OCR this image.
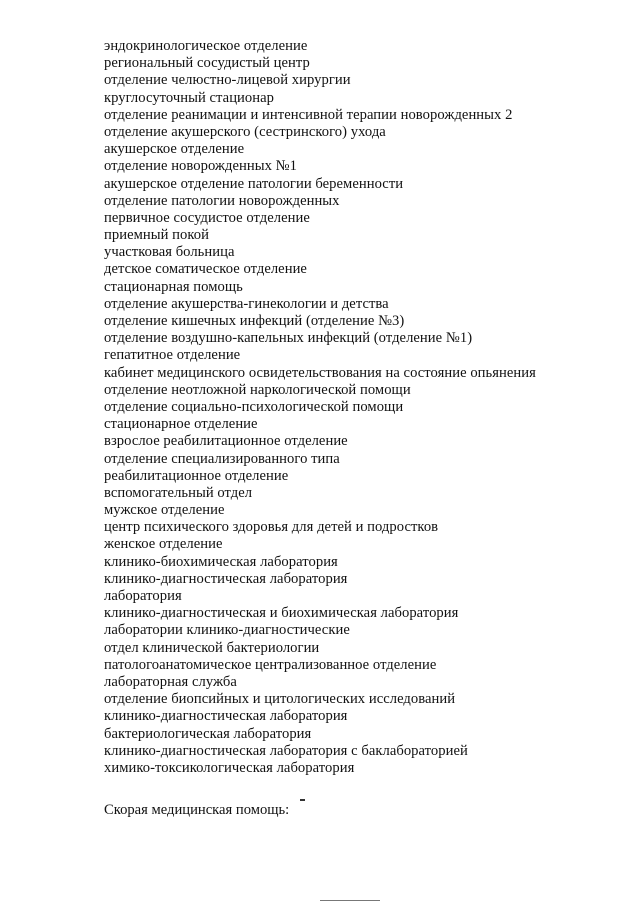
эндокринологическое отделение
региональный сосудистый центр
отделение челюстно-лицевой хирургии
круглосуточный стационар
отделение реанимации и интенсивной терапии новорожденных 2
отделение акушерского (сестринского) ухода
акушерское отделение
отделение новорожденных №1
акушерское отделение патологии беременности
отделение патологии новорожденных
первичное сосудистое отделение
приемный покой
участковая больница
детское соматическое отделение
стационарная помощь
отделение акушерства-гинекологии и детства
отделение кишечных инфекций (отделение №3)
отделение воздушно-капельных инфекций (отделение №1)
гепатитное отделение
кабинет медицинского освидетельствования на состояние опьянения
отделение неотложной наркологической помощи
отделение социально-психологической помощи
стационарное отделение
взрослое реабилитационное отделение
отделение специализированного типа
реабилитационное отделение
вспомогательный отдел
мужское отделение
центр психического здоровья для детей и подростков
женское отделение
клинико-биохимическая лаборатория
клинико-диагностическая лаборатория
лаборатория
клинико-диагностическая и биохимическая лаборатория
лаборатории клинико-диагностические
отдел клинической бактериологии
патологоанатомическое централизованное отделение
лабораторная служба
отделение биопсийных и цитологических исследований
клинико-диагностическая лаборатория
бактериологическая лаборатория
клинико-диагностическая лаборатория с баклабораторией
химико-токсикологическая лаборатория
Скорая медицинская помощь:
